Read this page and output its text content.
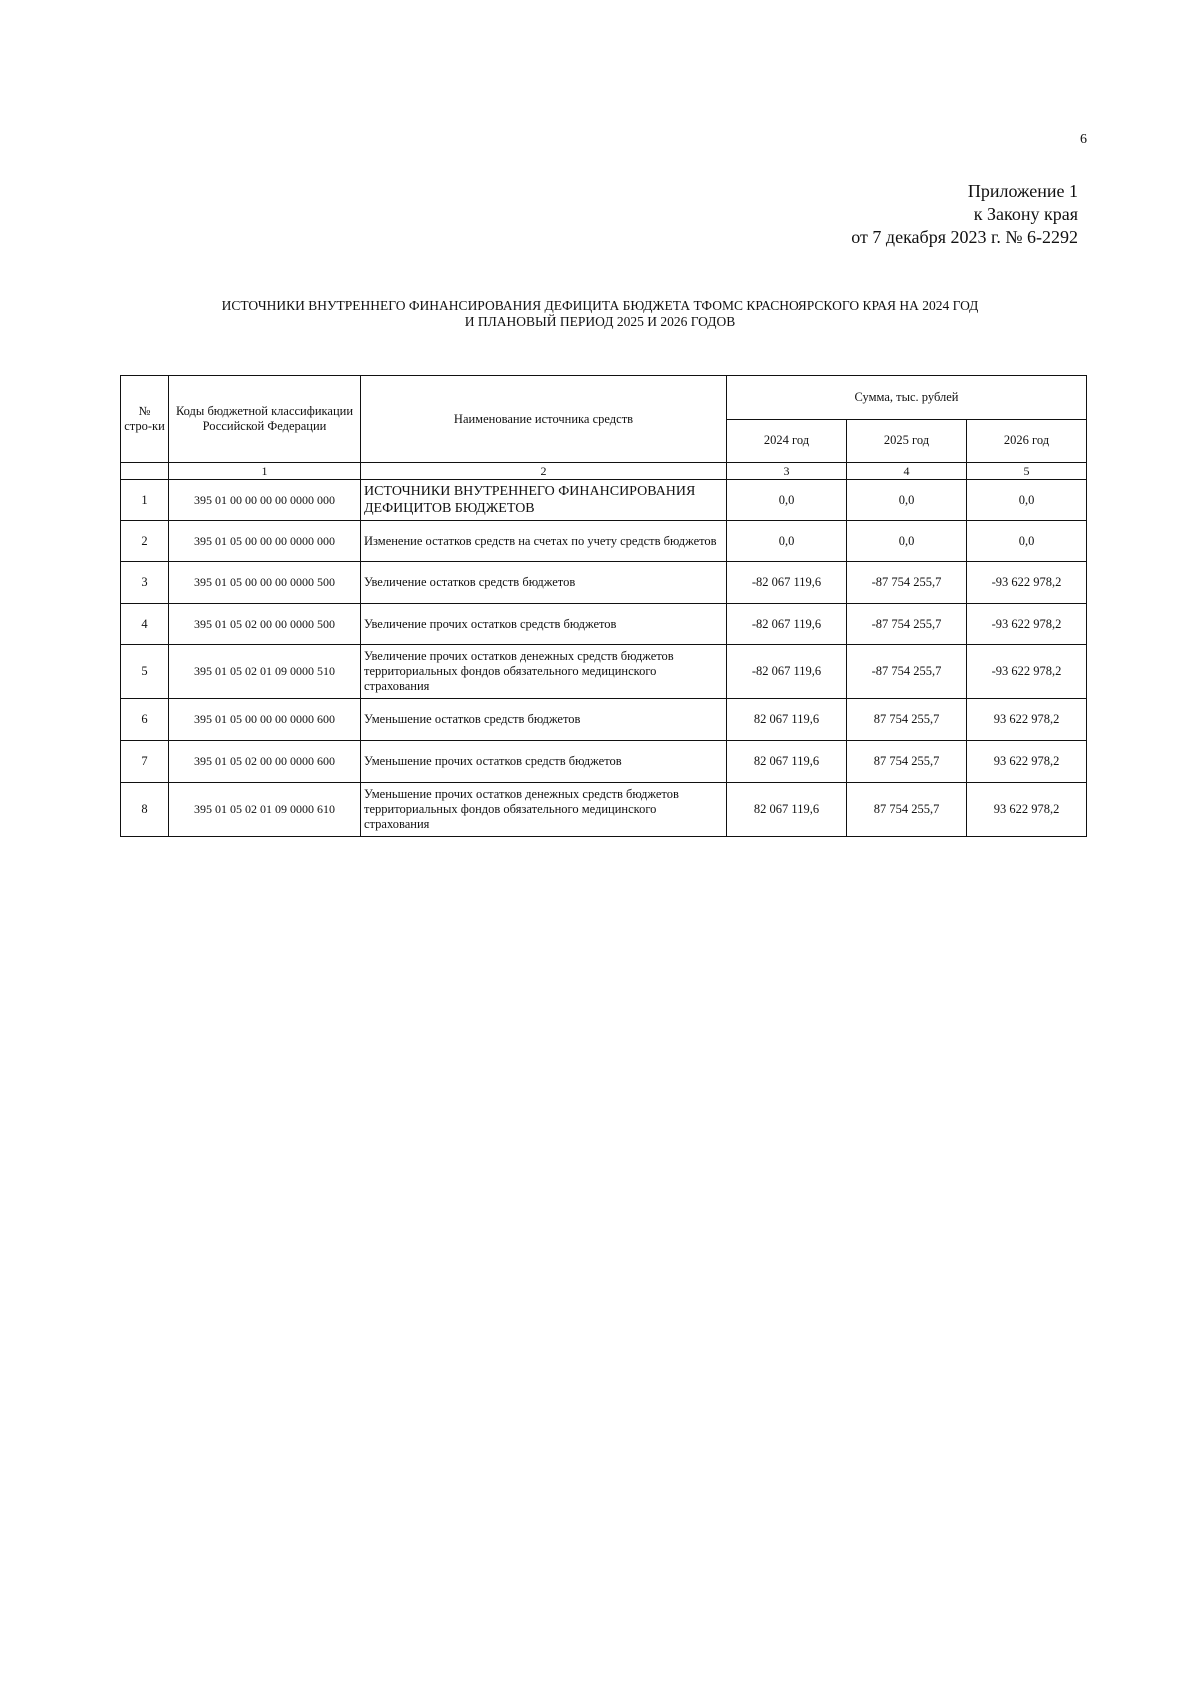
6
Приложение 1
к Закону края
от 7 декабря 2023 г. № 6-2292
ИСТОЧНИКИ ВНУТРЕННЕГО ФИНАНСИРОВАНИЯ ДЕФИЦИТА БЮДЖЕТА ТФОМС КРАСНОЯРСКОГО КРАЯ НА 2024 ГОД
И ПЛАНОВЫЙ ПЕРИОД 2025 И 2026 ГОДОВ
№ стро-ки	Коды бюджетной классификации Российской Федерации	Наименование источника средств	Сумма, тыс. рублей		
			2024 год	2025 год	2026 год
	1	2	3	4	5
1	395 01 00 00 00 00 0000 000	ИСТОЧНИКИ ВНУТРЕННЕГО ФИНАНСИРОВАНИЯ ДЕФИЦИТОВ БЮДЖЕТОВ	0,0	0,0	0,0
2	395 01 05 00 00 00 0000 000	Изменение остатков средств на счетах по учету средств бюджетов	0,0	0,0	0,0
3	395 01 05 00 00 00 0000 500	Увеличение остатков средств бюджетов	-82 067 119,6	-87 754 255,7	-93 622 978,2
4	395 01 05 02 00 00 0000 500	Увеличение прочих остатков средств бюджетов	-82 067 119,6	-87 754 255,7	-93 622 978,2
5	395 01 05 02 01 09 0000 510	Увеличение прочих остатков денежных средств бюджетов территориальных фондов обязательного медицинского страхования	-82 067 119,6	-87 754 255,7	-93 622 978,2
6	395 01 05 00 00 00 0000 600	Уменьшение остатков средств бюджетов	82 067 119,6	87 754 255,7	93 622 978,2
7	395 01 05 02 00 00 0000 600	Уменьшение прочих остатков средств бюджетов	82 067 119,6	87 754 255,7	93 622 978,2
8	395 01 05 02 01 09 0000 610	Уменьшение прочих остатков денежных средств бюджетов территориальных фондов обязательного медицинского страхования	82 067 119,6	87 754 255,7	93 622 978,2
